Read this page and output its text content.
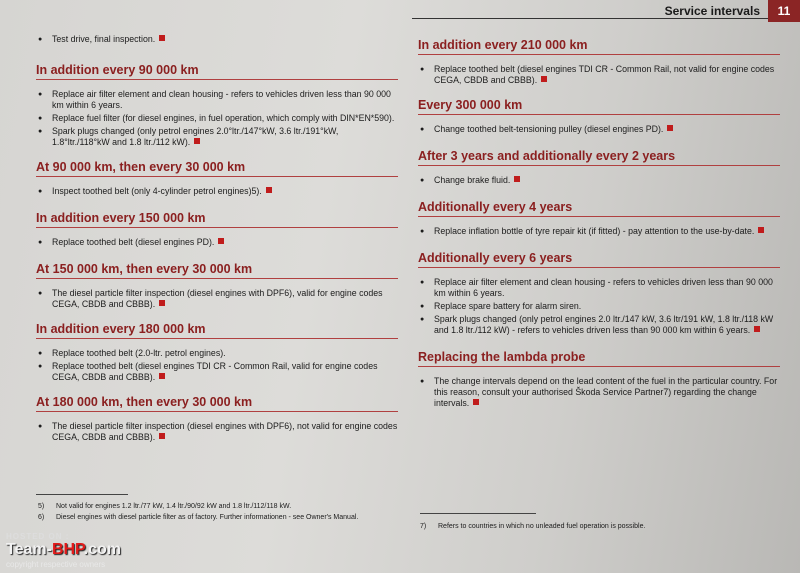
Service intervals	11
● Test drive, final inspection.
In addition every 90 000 km
● Replace air filter element and clean housing - refers to vehicles driven less than 90 000 km within 6 years.
● Replace fuel filter (for diesel engines, in fuel operation, which comply with DIN*EN*590).
● Spark plugs changed (only petrol engines 2.0°ltr./147°kW, 3.6 ltr./191°kW, 1.8°ltr./118°kW and 1.8 ltr./112 kW).
At 90 000 km, then every 30 000 km
● Inspect toothed belt (only 4-cylinder petrol engines)5).
In addition every 150 000 km
● Replace toothed belt (diesel engines PD).
At 150 000 km, then every 30 000 km
● The diesel particle filter inspection (diesel engines with DPF6), valid for engine codes CEGA, CBDB and CBBB).
In addition every 180 000 km
● Replace toothed belt (2.0-ltr. petrol engines).
● Replace toothed belt (diesel engines TDI CR - Common Rail, valid for engine codes CEGA, CBDB and CBBB).
At 180 000 km, then every 30 000 km
● The diesel particle filter inspection (diesel engines with DPF6), not valid for engine codes CEGA, CBDB and CBBB).
5) Not valid for engines 1.2 ltr./77 kW, 1.4 ltr./90/92 kW and 1.8 ltr./112/118 kW.
6) Diesel engines with diesel particle filter as of factory. Further informationen - see Owner's Manual.
In addition every 210 000 km
● Replace toothed belt (diesel engines TDI CR - Common Rail, not valid for engine codes CEGA, CBDB and CBBB).
Every 300 000 km
● Change toothed belt-tensioning pulley (diesel engines PD).
After 3 years and additionally every 2 years
● Change brake fluid.
Additionally every 4 years
● Replace inflation bottle of tyre repair kit (if fitted) - pay attention to the use-by-date.
Additionally every 6 years
● Replace air filter element and clean housing - refers to vehicles driven less than 90 000 km within 6 years.
● Replace spare battery for alarm siren.
● Spark plugs changed (only petrol engines 2.0 ltr./147 kW, 3.6 ltr/191 kW, 1.8 ltr./118 kW and 1.8 ltr./112 kW) - refers to vehicles driven less than 90 000 km within 6 years.
Replacing the lambda probe
● The change intervals depend on the lead content of the fuel in the particular country. For this reason, consult your authorised Škoda Service Partner7) regarding the change intervals.
7) Refers to countries in which no unleaded fuel operation is possible.
HOSTED ON :
Team-BHP.com
copyright respective owners
